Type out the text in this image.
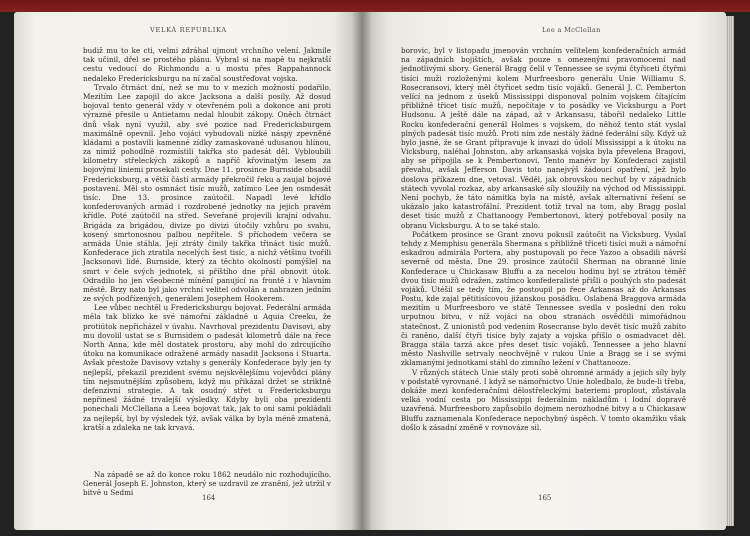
VELKÁ REPUBLIKA

budiž mu to ke cti, velmi zdráhal ujmout vrchního velení. Jakmile tak učinil, dřel se prostého plánu. Vybral si na mapě tu nejkratší cestu vedoucí do Richmondu a u mostu přes Rappahannock nedaleko Fredericksburgu na ní začal soustřeďovat vojska.

Trvalo čtrnáct dní, než se mu to v mezích možností podařilo. Mezitím Lee zapojil do akce Jacksona a další posily. Až dosud bojoval tento generál vždy v otevřeném poli a dokonce ani proti výrazné přesile u Antietamu nedal hloubit zákopy. Oněch čtrnáct dnů však nyní využil, aby své pozice nad Fredericksburgem maximálně opevnil. Jeho vojáci vybudovali nízké náspy zpevněné kládami a postavili kamenné zídky zamaskované udusanou hlínou, za nimiž pohodlně rozmístili takřka sto padesát děl. Vybloubili kilometry střeleckých zákopů a napříč křovinatým lesem za bojovými liniemi prosekali cesty. Dne 11. prosince Burnside obsadil Fredericksburg, a větší částí armády překročil řeku a zaujal bojové postavení. Měl sto osmnáct tisíc mužů, zatímco Lee jen osmdesát tisíc. Dne 13. prosince zaútočil. Napadl levé křídlo konfederovaných armád i rozdrobené jednotky na jejich pravém křídle. Poté zaútočil na střed. Seveřané projevili krajní odvahu. Brigáda za brigádou, divize po divizi útočily vzhůru po svahu, kosený smrtonosnou palbou nepřítele. S příchodem večera se armáda Unie stáhla. Její ztráty činily takřka třináct tisíc mužů. Konfederace jich ztratila necelých šest tisíc, a nichž většinu tvořili Jacksonovi lidé. Burnside, který za těchto okolností pomýšlel na smrt v čele svých jednotek, si příštího dne přál obnovit útok. Odradilo ho jen všeobecné mínění panující na frontě i v hlavním městě. Brzy nato byl jako vrchní velitel odvolán a nahrazen jedním ze svých podřízených, generálem Josephem Hookerem.

Lee vůbec nechtěl u Fredericksburgu bojovat. Federální armáda měla tak blízko ke své námořní základně u Aquia Creeku, že protiútok nepřicházel v úvahu. Navrhoval prezidentu Davisovi, aby mu dovolil ustat se s Burnsidem o padesát kilometrů dále na řece North Anna, kde měl dostatek prostoru, aby mohl do zdrcujícího útoku na komunikace odražené armády nasadit Jacksona i Stuarta. Avšak přestože Davisovy vztahy s generály Konfederace byly jen ty nejlepší, překazil prezident svému nejskvělejšímu vojevůdci plány tím nejsmutnějším způsobem, když mu přikázal držet se striktně defenzivní strategie. A tak osudný střet u Fredericksburgu nepřinesl žádné trvalejší výsledky. Kdyby byli oba prezidenti ponechali McClellana a Leea bojovat tak, jak to oni sami pokládali za nejlepší, byl by výsledek týž, avšak válka by byla méně zmatená, kratší a zdaleka ne tak krvavá.

Na západě se až do konce roku 1862 neudálo nic rozhodujícího. Generál Joseph E. Johnston, který se uzdravil ze zranění, jež utržil v bitvě u Sedmi

164
Lee a McClellan

borovic, byl v listopadu jmenován vrchním velitelem konfederačních armád na západních bojištích, avšak pouze s omezenými pravomocemi nad jednotlivými sbory. Generál Bragg čelil v Tennessee se svými čtyřiceti čtyřmi tisíci muži rozloženými kolem Murfreesboro generálu Unie Williamu S. Rosecransovi, který měl čtyřicet sedm tisíc vojáků. Generál J. C. Pemberton velící na jednom z úseků Mississippi disponoval polním vojskem čítajícím přibližně třicet tisíc mužů, nepočítaje v to posádky ve Vicksburgu a Port Hudsonu. A ještě dále na západ, až v Arkansasu, tábořil nedaleko Little Rocku konfederační generál Holmes s vojskem, do něhož tento stát vyslal plných padesát tisíc mužů. Proti nim zde nestály žádné federální síly. Když už bylo jasné, že se Grant připravuje k invazi do údolí Mississippi a k útoku na Vicksburg, naléhal Johnston, aby arkansaská vojska byla převelena Bragovi, aby se připojila se k Pembertonovi. Tento manévr by Konfederaci zajistil převahu, avšak Jefferson Davis toto nanejvýš žádoucí opatření, jež bylo doslova příkazem dne, vetoval. Věděl, jak obrovskou nechuť by v západních státech vyvolal rozkaz, aby arkansaské síly sloužily na východ od Mississippi. Není pochyb, že táto námitka byla na místě, avšak alternativní řešení se ukázalo jako katastrofální. Prezident totiž trval na tom, aby Bragg poslal deset tisíc mužů z Chattanoogy Pembertonovi, který potřeboval posily na obranu Vicksburgu. A to se také stalo.

Počátkem prosince se Grant znovu pokusil zaútočit na Vicksburg. Vyslal tehdy z Memphisu generála Shermana s přibližně třiceti tisíci muži a námořní eskadrou admirála Portera, aby postupovali po řece Yazoo a obsadili návrší severně od města. Dne 29. prosince zaútočil Sherman na obranné linie Konfederace u Chickasaw Bluffu a za necelou hodinu byl se ztrátou téměř dvou tisíc mužů odražen, zatímco konfederalisté přišli o pouhých sto padesát vojáků. Utéšil se tedy tím, že postoupil po řece Arkansas až do Arkansas Postu, kde zajal pětitisícovou jižanskou posádku. Oslabená Braggova armáda mezitím u Murfreesboro ve státě Tennessee svedla v poslední den roku urputnou bitvu, v níž vojáci na obou stranách osvědčili mimořádnou statečnost. Z unionistů pod vedením Rosecranse bylo devět tisíc mužů zabito či raněno, další čtyři tisíce byly zajaty a vojska přišlo o osmadvacet děl. Bragga stála tarzá akce přes deset tisíc vojáků. Tennessee a jeho hlavní město Nashville setrvaly neochvějně v rukou Unie a Bragg se i se svými zklamanými jednotkami stáhl do zimního ležení v Chattanooze.

V různých státech Unie stály proti sobě ohromné armády a jejich síly byly v podstatě vyrovnané. I když se námořnictvo Unie holedbalo, že bude-li třeba, dokáže mezi konfederačními dělostřeleckými bateriemi proplout, zůstávala velká vodní cesta po Mississippi federálním nákladům i lodní dopravě uzavřená. Murfreesboro zapůsobilo dojmem nerozhodné bitvy a u Chickasaw Bluffu zaznamenala Konfederace nepochybný úspěch. V tomto okamžiku však došlo k zásadní změně v rovnováze sil.

165
